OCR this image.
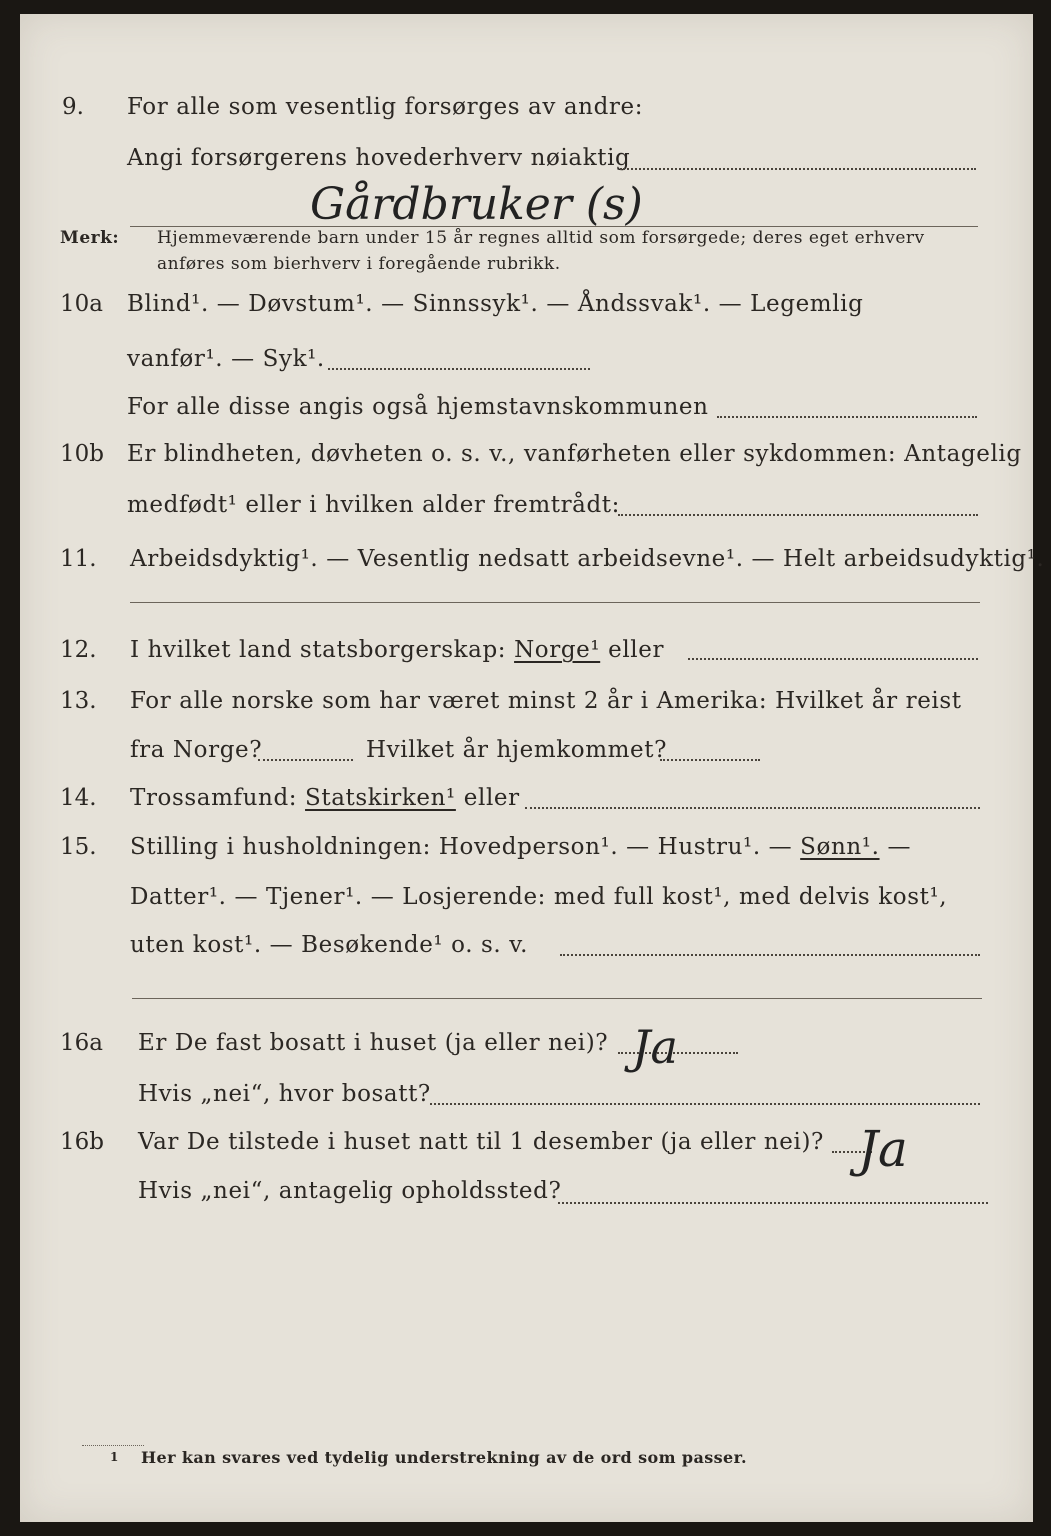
9. For alle som vesentlig forsørges av andre:
Angi forsørgerens hovederhverv nøiaktig
Gårdbruker (s)
Merk: Hjemmeværende barn under 15 år regnes alltid som forsørgede; deres eget erhverv
anføres som bierhverv i foregående rubrikk.
10a Blind¹. — Døvstum¹. — Sinnssyk¹. — Åndssvak¹. — Legemlig
vanfør¹. — Syk¹.
For alle disse angis også hjemstavnskommunen
10b Er blindheten, døvheten o. s. v., vanførheten eller sykdommen: Antagelig
medfødt¹ eller i hvilken alder fremtrådt:
11. Arbeidsdyktig¹. — Vesentlig nedsatt arbeidsevne¹. — Helt arbeidsudyktig¹.
12. I hvilket land statsborgerskap: Norge¹ eller
13. For alle norske som har været minst 2 år i Amerika: Hvilket år reist
fra Norge?	Hvilket år hjemkommet?
14. Trossamfund: Statskirken¹ eller
15. Stilling i husholdningen: Hovedperson¹. — Hustru¹. — Sønn¹. —
Datter¹. — Tjener¹. — Losjerende: med full kost¹, med delvis kost¹,
uten kost¹. — Besøkende¹ o. s. v.
16a Er De fast bosatt i huset (ja eller nei)? Ja
Hvis „nei“, hvor bosatt?
16b Var De tilstede i huset natt til 1 desember (ja eller nei)? Ja
Hvis „nei“, antagelig opholdssted?
1 Her kan svares ved tydelig understrekning av de ord som passer.
